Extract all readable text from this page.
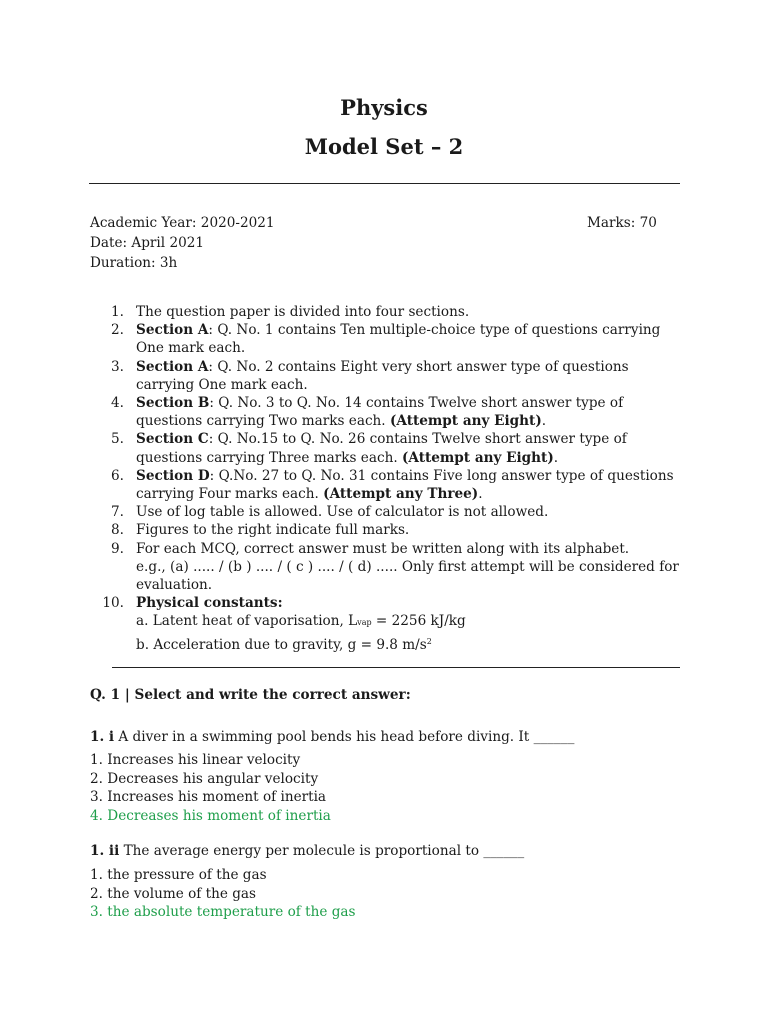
Physics
Model Set – 2
Academic Year: 2020-2021
Date: April 2021
Duration: 3h
Marks: 70
1. The question paper is divided into four sections.
2. Section A: Q. No. 1 contains Ten multiple-choice type of questions carrying One mark each.
3. Section A: Q. No. 2 contains Eight very short answer type of questions carrying One mark each.
4. Section B: Q. No. 3 to Q. No. 14 contains Twelve short answer type of questions carrying Two marks each. (Attempt any Eight).
5. Section C: Q. No.15 to Q. No. 26 contains Twelve short answer type of questions carrying Three marks each. (Attempt any Eight).
6. Section D: Q.No. 27 to Q. No. 31 contains Five long answer type of questions carrying Four marks each. (Attempt any Three).
7. Use of log table is allowed. Use of calculator is not allowed.
8. Figures to the right indicate full marks.
9. For each MCQ, correct answer must be written along with its alphabet.
e.g., (a) ..... / (b ) .... / ( c ) .... / ( d) ..... Only first attempt will be considered for evaluation.
10. Physical constants:
a. Latent heat of vaporisation, Lvap = 2256 kJ/kg
b. Acceleration due to gravity, g = 9.8 $m/s^2$
Q. 1 | Select and write the correct answer:
1. i A diver in a swimming pool bends his head before diving. It ______
1. Increases his linear velocity
2. Decreases his angular velocity
3. Increases his moment of inertia
4. Decreases his moment of inertia
1. ii The average energy per molecule is proportional to ______
1. the pressure of the gas
2. the volume of the gas
3. the absolute temperature of the gas
